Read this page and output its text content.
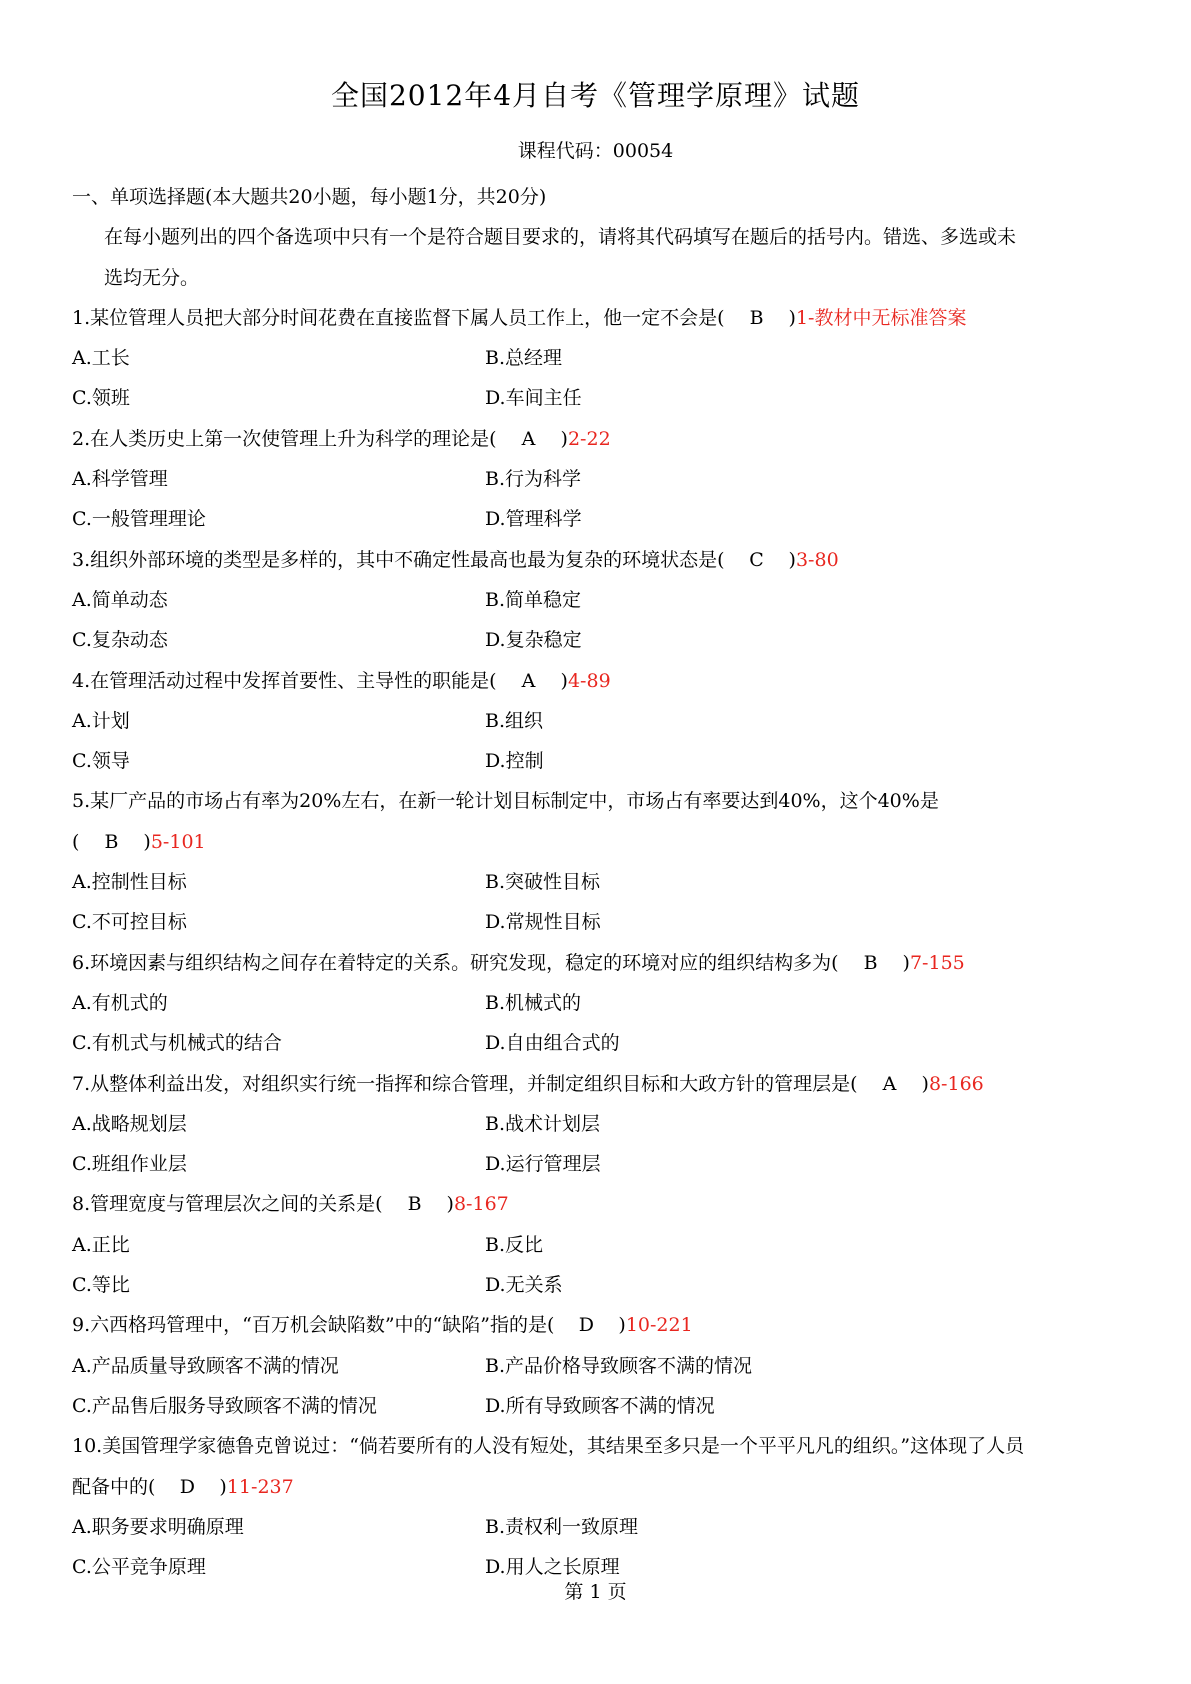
全国2012年4月自考《管理学原理》试题
课程代码：00054
一、单项选择题(本大题共20小题，每小题1分，共20分)
在每小题列出的四个备选项中只有一个是符合题目要求的，请将其代码填写在题后的括号内。错选、多选或未
选均无分。
1.某位管理人员把大部分时间花费在直接监督下属人员工作上，他一定不会是( B )1-教材中无标准答案
A.工长	B.总经理
C.领班	D.车间主任
2.在人类历史上第一次使管理上升为科学的理论是( A )2-22
A.科学管理	B.行为科学
C.一般管理理论	D.管理科学
3.组织外部环境的类型是多样的，其中不确定性最高也最为复杂的环境状态是( C )3-80
A.简单动态	B.简单稳定
C.复杂动态	D.复杂稳定
4.在管理活动过程中发挥首要性、主导性的职能是( A )4-89
A.计划	B.组织
C.领导	D.控制
5.某厂产品的市场占有率为20%左右，在新一轮计划目标制定中，市场占有率要达到40%，这个40%是
( B )5-101
A.控制性目标	B.突破性目标
C.不可控目标	D.常规性目标
6.环境因素与组织结构之间存在着特定的关系。研究发现，稳定的环境对应的组织结构多为( B )7-155
A.有机式的	B.机械式的
C.有机式与机械式的结合	D.自由组合式的
7.从整体利益出发，对组织实行统一指挥和综合管理，并制定组织目标和大政方针的管理层是( A )8-166
A.战略规划层	B.战术计划层
C.班组作业层	D.运行管理层
8.管理宽度与管理层次之间的关系是( B )8-167
A.正比	B.反比
C.等比	D.无关系
9.六西格玛管理中，“百万机会缺陷数”中的“缺陷”指的是( D )10-221
A.产品质量导致顾客不满的情况	B.产品价格导致顾客不满的情况
C.产品售后服务导致顾客不满的情况	D.所有导致顾客不满的情况
10.美国管理学家德鲁克曾说过：“倘若要所有的人没有短处，其结果至多只是一个平平凡凡的组织。”这体现了人员
配备中的( D )11-237
A.职务要求明确原理	B.责权利一致原理
C.公平竞争原理	D.用人之长原理
第 1 页
